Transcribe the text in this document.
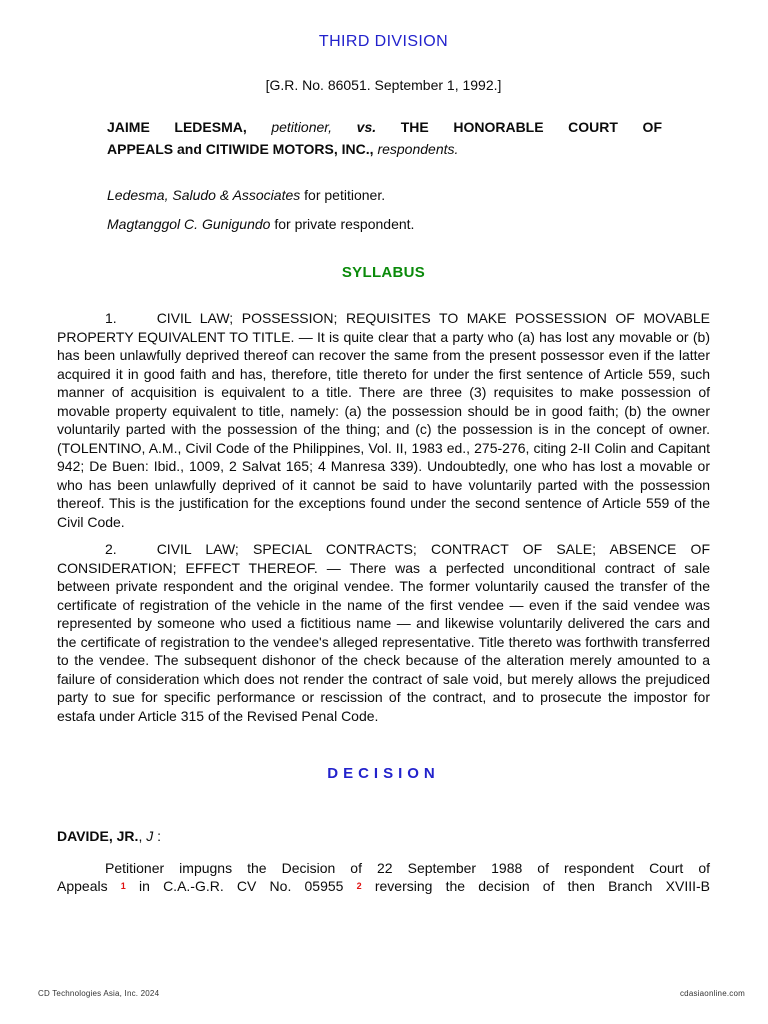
THIRD DIVISION
[G.R. No. 86051. September 1, 1992.]
JAIME LEDESMA, petitioner, vs. THE HONORABLE COURT OF
APPEALS and CITIWIDE MOTORS, INC., respondents.

Ledesma, Saludo & Associates for petitioner.

Magtanggol C. Gunigundo for private respondent.

SYLLABUS

1.	CIVIL LAW; POSSESSION; REQUISITES TO MAKE POSSESSION OF MOVABLE PROPERTY EQUIVALENT TO TITLE. — It is quite clear that a party who (a) has lost any movable or (b) has been unlawfully deprived thereof can recover the same from the present possessor even if the latter acquired it in good faith and has, therefore, title thereto for under the first sentence of Article 559, such manner of acquisition is equivalent to a title. There are three (3) requisites to make possession of movable property equivalent to title, namely: (a) the possession should be in good faith; (b) the owner voluntarily parted with the possession of the thing; and (c) the possession is in the concept of owner. (TOLENTINO, A.M., Civil Code of the Philippines, Vol. II, 1983 ed., 275-276, citing 2-II Colin and Capitant 942; De Buen: Ibid., 1009, 2 Salvat 165; 4 Manresa 339). Undoubtedly, one who has lost a movable or who has been unlawfully deprived of it cannot be said to have voluntarily parted with the possession thereof. This is the justification for the exceptions found under the second sentence of Article 559 of the Civil Code.

2.	CIVIL LAW; SPECIAL CONTRACTS; CONTRACT OF SALE; ABSENCE OF CONSIDERATION; EFFECT THEREOF. — There was a perfected unconditional contract of sale between private respondent and the original vendee. The former voluntarily caused the transfer of the certificate of registration of the vehicle in the name of the first vendee — even if the said vendee was represented by someone who used a fictitious name — and likewise voluntarily delivered the cars and the certificate of registration to the vendee's alleged representative. Title thereto was forthwith transferred to the vendee. The subsequent dishonor of the check because of the alteration merely amounted to a failure of consideration which does not render the contract of sale void, but merely allows the prejudiced party to sue for specific performance or rescission of the contract, and to prosecute the impostor for estafa under Article 315 of the Revised Penal Code.

DECISION

DAVIDE, JR., J :

Petitioner impugns the Decision of 22 September 1988 of respondent Court of
Appeals 1 in C.A.-G.R. CV No. 05955 2 reversing the decision of then Branch XVIII-B
CD Technologies Asia, Inc. 2024	cdasiaonline.com
